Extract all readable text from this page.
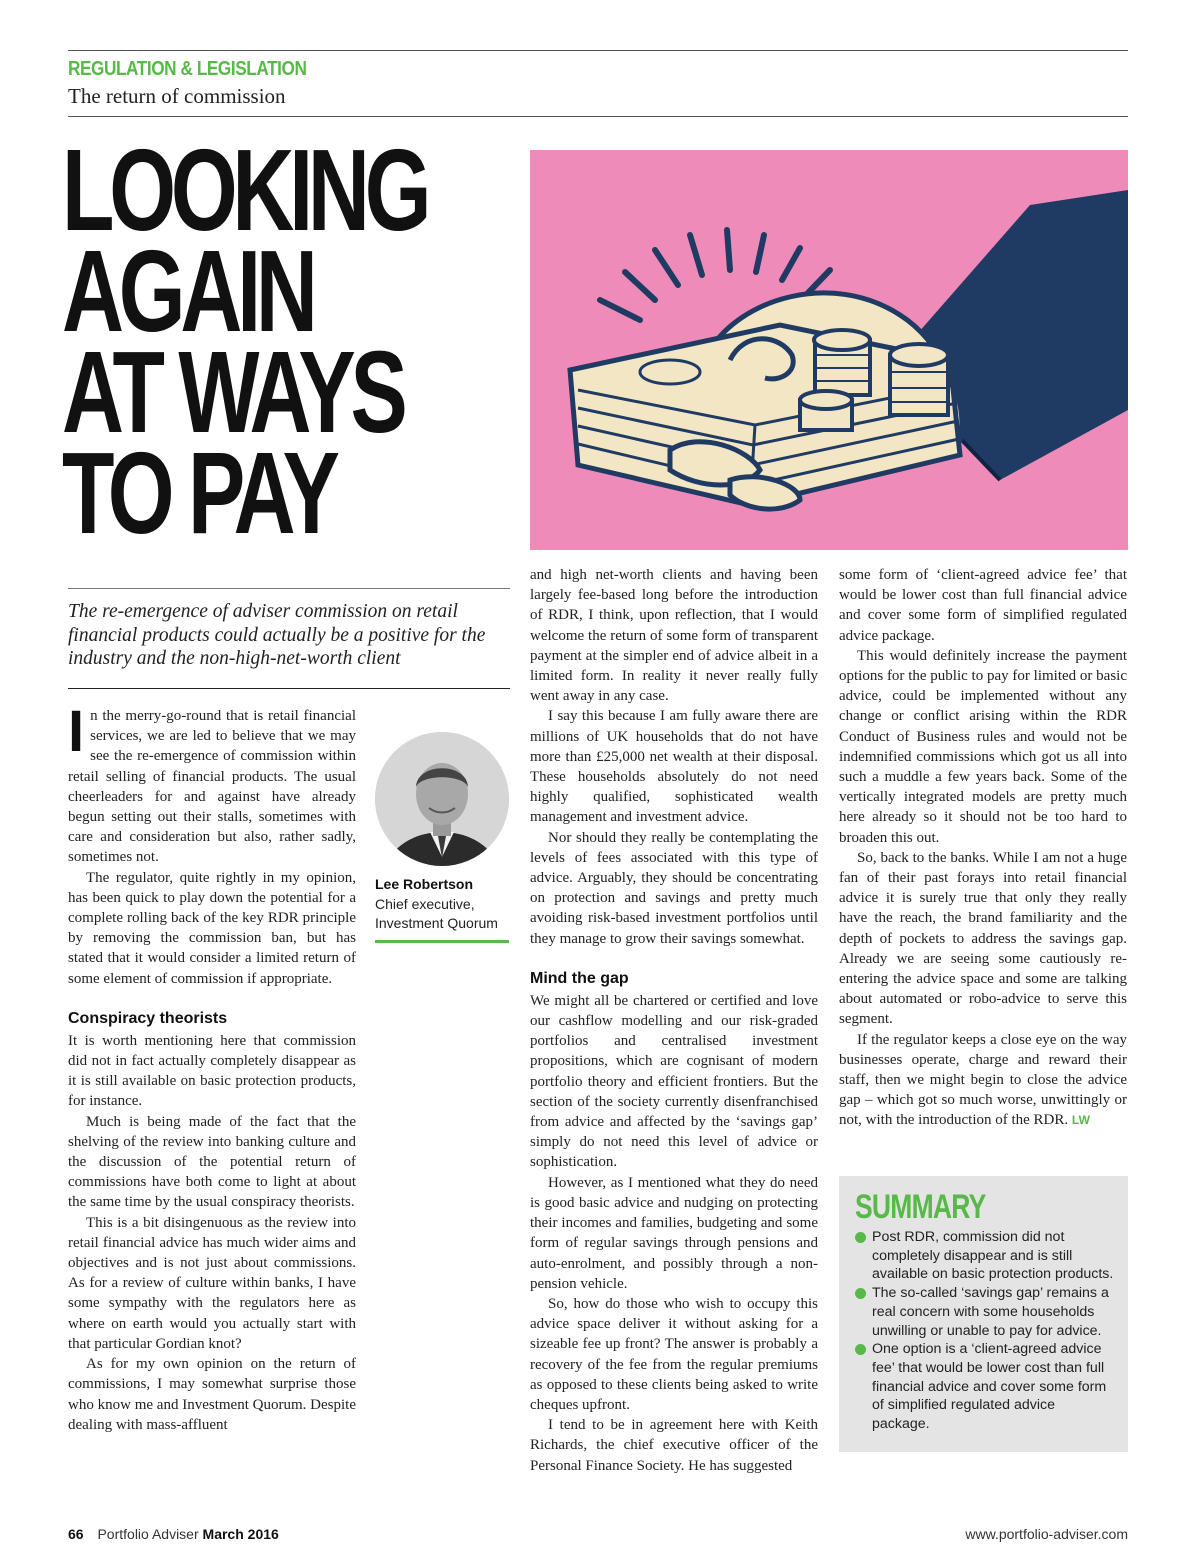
REGULATION & LEGISLATION

The return of commission

LOOKING
AGAIN
AT WAYS
TO PAY

The re-emergence of adviser commission on retail financial products could actually be a positive for the industry and the non-high-net-worth client

Lee Robertson

Chief executive,
Investment Quorum

In the merry-go-round that is retail financial services, we are led to believe that we may see the re-emergence of commission within retail selling of financial products. The usual cheerleaders for and against have already begun setting out their stalls, sometimes with care and consideration but also, rather sadly, sometimes not.

The regulator, quite rightly in my opinion, has been quick to play down the potential for a complete rolling back of the key RDR principle by removing the commission ban, but has stated that it would consider a limited return of some element of commission if appropriate.

Conspiracy theorists

It is worth mentioning here that commission did not in fact actually completely disappear as it is still available on basic protection products, for instance.

Much is being made of the fact that the shelving of the review into banking culture and the discussion of the potential return of commissions have both come to light at about the same time by the usual conspiracy theorists.

This is a bit disingenuous as the review into retail financial advice has much wider aims and objectives and is not just about commissions. As for a review of culture within banks, I have some sympathy with the regulators here as where on earth would you actually start with that particular Gordian knot?

As for my own opinion on the return of commissions, I may somewhat surprise those who know me and Investment Quorum. Despite dealing with mass-affluent

and high net-worth clients and having been largely fee-based long before the introduction of RDR, I think, upon reflection, that I would welcome the return of some form of transparent payment at the simpler end of advice albeit in a limited form. In reality it never really fully went away in any case.

I say this because I am fully aware there are millions of UK households that do not have more than £25,000 net wealth at their disposal. These households absolutely do not need highly qualified, sophisticated wealth management and investment advice.

Nor should they really be contemplating the levels of fees associated with this type of advice. Arguably, they should be concentrating on protection and savings and pretty much avoiding risk-based investment portfolios until they manage to grow their savings somewhat.

Mind the gap

We might all be chartered or certified and love our cashflow modelling and our risk-graded portfolios and centralised investment propositions, which are cognisant of modern portfolio theory and efficient frontiers. But the section of the society currently disenfranchised from advice and affected by the ‘savings gap’ simply do not need this level of advice or sophistication.

However, as I mentioned what they do need is good basic advice and nudging on protecting their incomes and families, budgeting and some form of regular savings through pensions and auto-enrolment, and possibly through a non-pension vehicle.

So, how do those who wish to occupy this advice space deliver it without asking for a sizeable fee up front? The answer is probably a recovery of the fee from the regular premiums as opposed to these clients being asked to write cheques upfront.

I tend to be in agreement here with Keith Richards, the chief executive officer of the Personal Finance Society. He has suggested

some form of ‘client-agreed advice fee’ that would be lower cost than full financial advice and cover some form of simplified regulated advice package.

This would definitely increase the payment options for the public to pay for limited or basic advice, could be implemented without any change or conflict arising within the RDR Conduct of Business rules and would not be indemnified commissions which got us all into such a muddle a few years back. Some of the vertically integrated models are pretty much here already so it should not be too hard to broaden this out.

So, back to the banks. While I am not a huge fan of their past forays into retail financial advice it is surely true that only they really have the reach, the brand familiarity and the depth of pockets to address the savings gap. Already we are seeing some cautiously re-entering the advice space and some are talking about automated or robo-advice to serve this segment.

If the regulator keeps a close eye on the way businesses operate, charge and reward their staff, then we might begin to close the advice gap – which got so much worse, unwittingly or not, with the introduction of the RDR. LW

SUMMARY
Post RDR, commission did not completely disappear and is still available on basic protection products.
The so-called ‘savings gap’ remains a real concern with some households unwilling or unable to pay for advice.
One option is a ‘client-agreed advice fee’ that would be lower cost than full financial advice and cover some form of simplified regulated advice package.

66 Portfolio Adviser March 2016	www.portfolio-adviser.com
